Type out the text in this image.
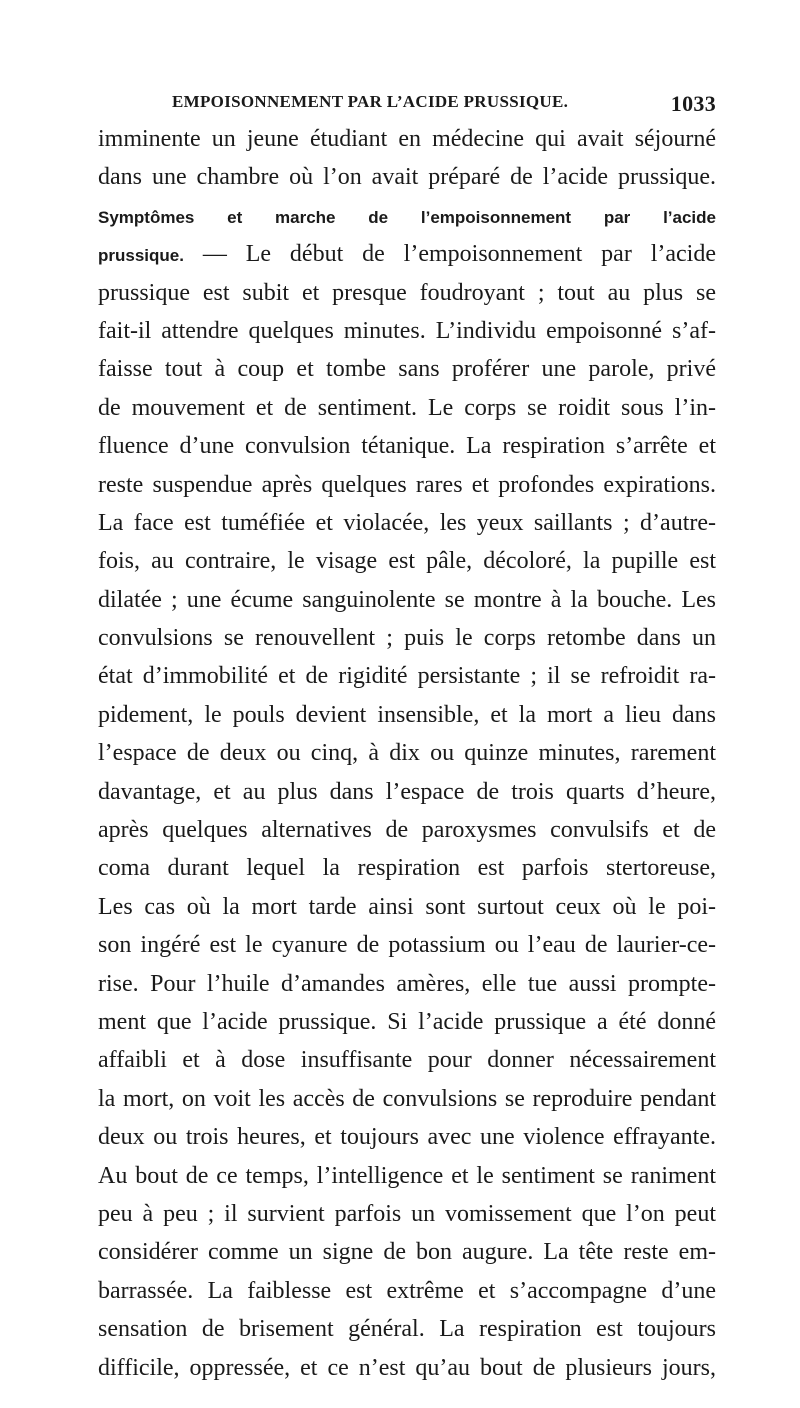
EMPOISONNEMENT PAR L’ACIDE PRUSSIQUE.	1033
imminente un jeune étudiant en médecine qui avait séjourné
dans une chambre où l’on avait préparé de l’acide prussique.
Symptômes et marche de l’empoisonnement par l’acide
prussique. — Le début de l’empoisonnement par l’acide
prussique est subit et presque foudroyant ; tout au plus se
fait-il attendre quelques minutes. L’individu empoisonné s’af-
faisse tout à coup et tombe sans proférer une parole, privé
de mouvement et de sentiment. Le corps se roidit sous l’in-
fluence d’une convulsion tétanique. La respiration s’arrête et
reste suspendue après quelques rares et profondes expirations.
La face est tuméfiée et violacée, les yeux saillants ; d’autre-
fois, au contraire, le visage est pâle, décoloré, la pupille est
dilatée ; une écume sanguinolente se montre à la bouche. Les
convulsions se renouvellent ; puis le corps retombe dans un
état d’immobilité et de rigidité persistante ; il se refroidit ra-
pidement, le pouls devient insensible, et la mort a lieu dans
l’espace de deux ou cinq, à dix ou quinze minutes, rarement
davantage, et au plus dans l’espace de trois quarts d’heure,
après quelques alternatives de paroxysmes convulsifs et de
coma durant lequel la respiration est parfois stertoreuse,
Les cas où la mort tarde ainsi sont surtout ceux où le poi-
son ingéré est le cyanure de potassium ou l’eau de laurier-ce-
rise. Pour l’huile d’amandes amères, elle tue aussi prompte-
ment que l’acide prussique. Si l’acide prussique a été donné
affaibli et à dose insuffisante pour donner nécessairement
la mort, on voit les accès de convulsions se reproduire pendant
deux ou trois heures, et toujours avec une violence effrayante.
Au bout de ce temps, l’intelligence et le sentiment se raniment
peu à peu ; il survient parfois un vomissement que l’on peut
considérer comme un signe de bon augure. La tête reste em-
barrassée. La faiblesse est extrême et s’accompagne d’une
sensation de brisement général. La respiration est toujours
difficile, oppressée, et ce n’est qu’au bout de plusieurs jours,
